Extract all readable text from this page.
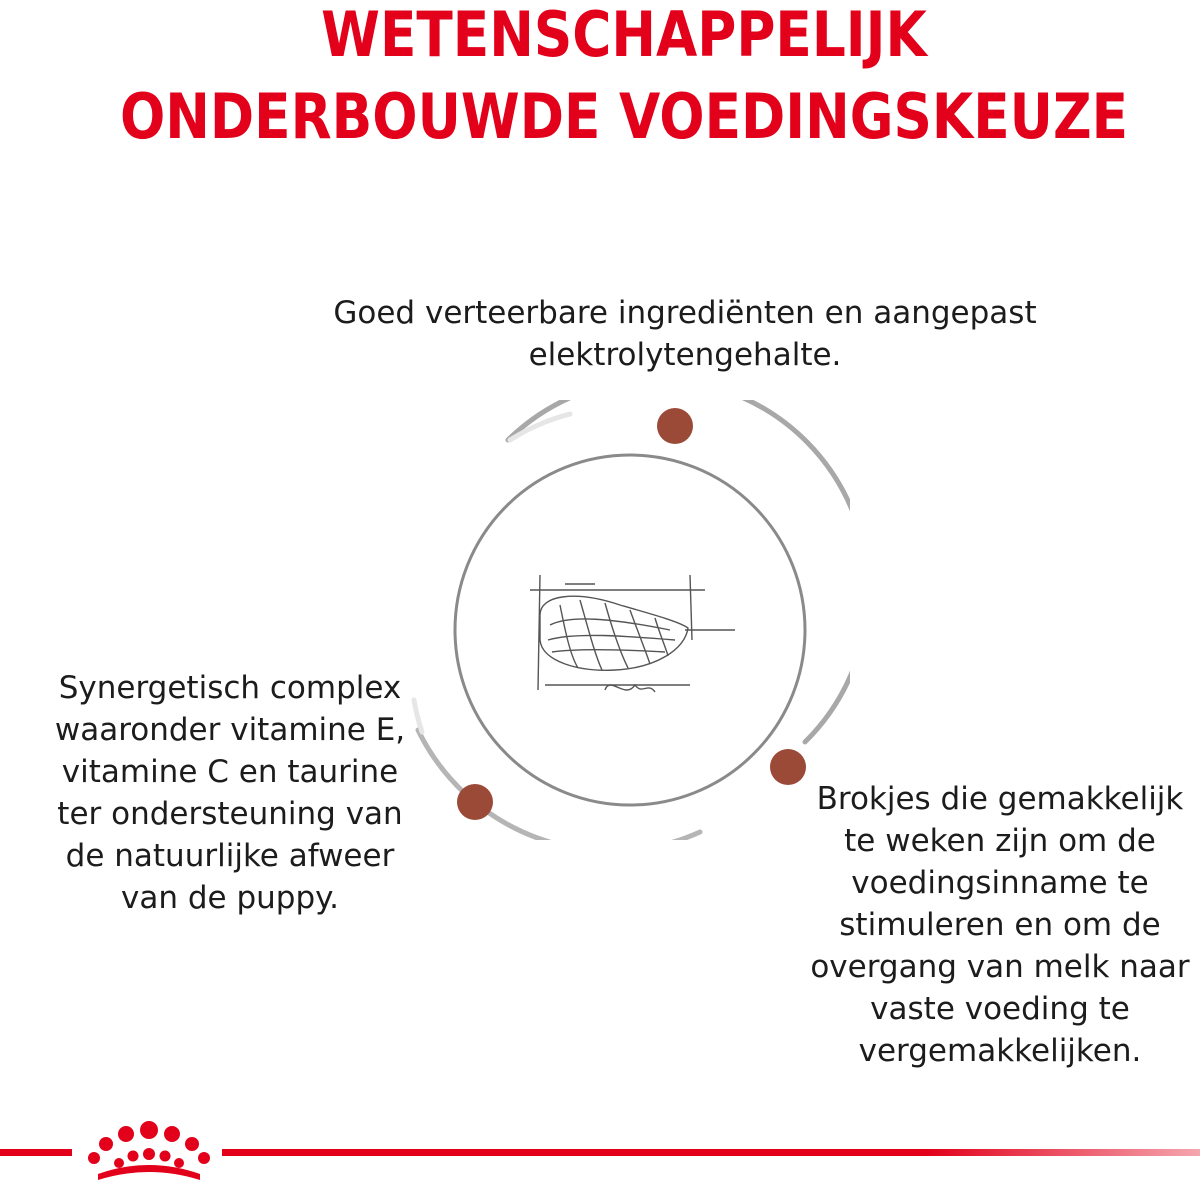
WETENSCHAPPELIJK
ONDERBOUWDE VOEDINGSKEUZE

Goed verteerbare ingrediënten en aangepast elektrolytengehalte.

Synergetisch complex waaronder vitamine E, vitamine C en taurine ter ondersteuning van de natuurlijke afweer van de puppy.

Brokjes die gemakkelijk te weken zijn om de voedingsinname te stimuleren en om de overgang van melk naar vaste voeding te vergemakkelijken.
